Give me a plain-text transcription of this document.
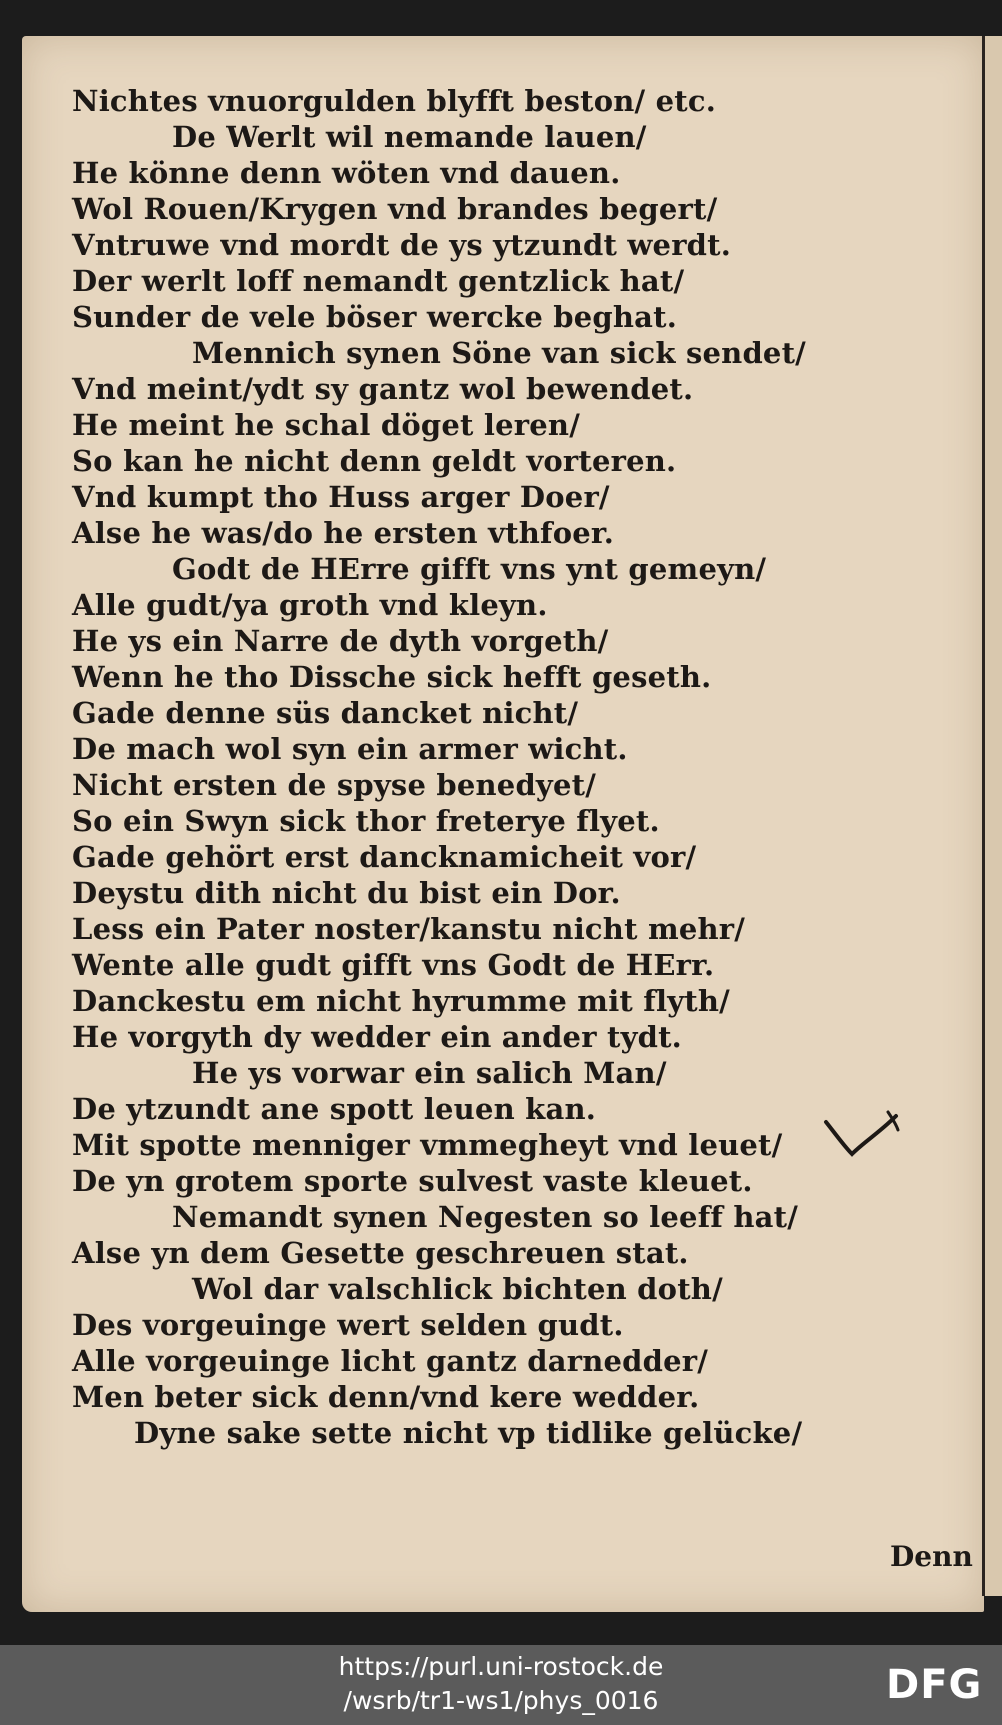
Nichtes vnuorgulden blyfft beston/ etc.
De Werlt wil nemande lauen/
He könne denn wöten vnd dauen.
Wol Rouen/Krygen vnd brandes begert/
Vntruwe vnd mordt de ys ytzundt werdt.
Der werlt loff nemandt gentzlick hat/
Sunder de vele böser wercke beghat.
Mennich synen Söne van sick sendet/
Vnd meint/ydt sy gantz wol bewendet.
He meint he schal döget leren/
So kan he nicht denn geldt vorteren.
Vnd kumpt tho Huss arger Doer/
Alse he was/do he ersten vthfoer.
Godt de HErre gifft vns ynt gemeyn/
Alle gudt/ya groth vnd kleyn.
He ys ein Narre de dyth vorgeth/
Wenn he tho Dissche sick hefft geseth.
Gade denne süs dancket nicht/
De mach wol syn ein armer wicht.
Nicht ersten de spyse benedyet/
So ein Swyn sick thor freterye flyet.
Gade gehört erst dancknamicheit vor/
Deystu dith nicht du bist ein Dor.
Less ein Pater noster/kanstu nicht mehr/
Wente alle gudt gifft vns Godt de HErr.
Danckestu em nicht hyrumme mit flyth/
He vorgyth dy wedder ein ander tydt.
He ys vorwar ein salich Man/
De ytzundt ane spott leuen kan.
Mit spotte menniger vmmegheyt vnd leuet/
De yn grotem sporte sulvest vaste kleuet.
Nemandt synen Negesten so leeff hat/
Alse yn dem Gesette geschreuen stat.
Wol dar valschlick bichten doth/
Des vorgeuinge wert selden gudt.
Alle vorgeuinge licht gantz darnedder/
Men beter sick denn/vnd kere wedder.
Dyne sake sette nicht vp tidlike gelücke/
Denn
https://purl.uni-rostock.de
/wsrb/tr1-ws1/phys_0016	DFG
